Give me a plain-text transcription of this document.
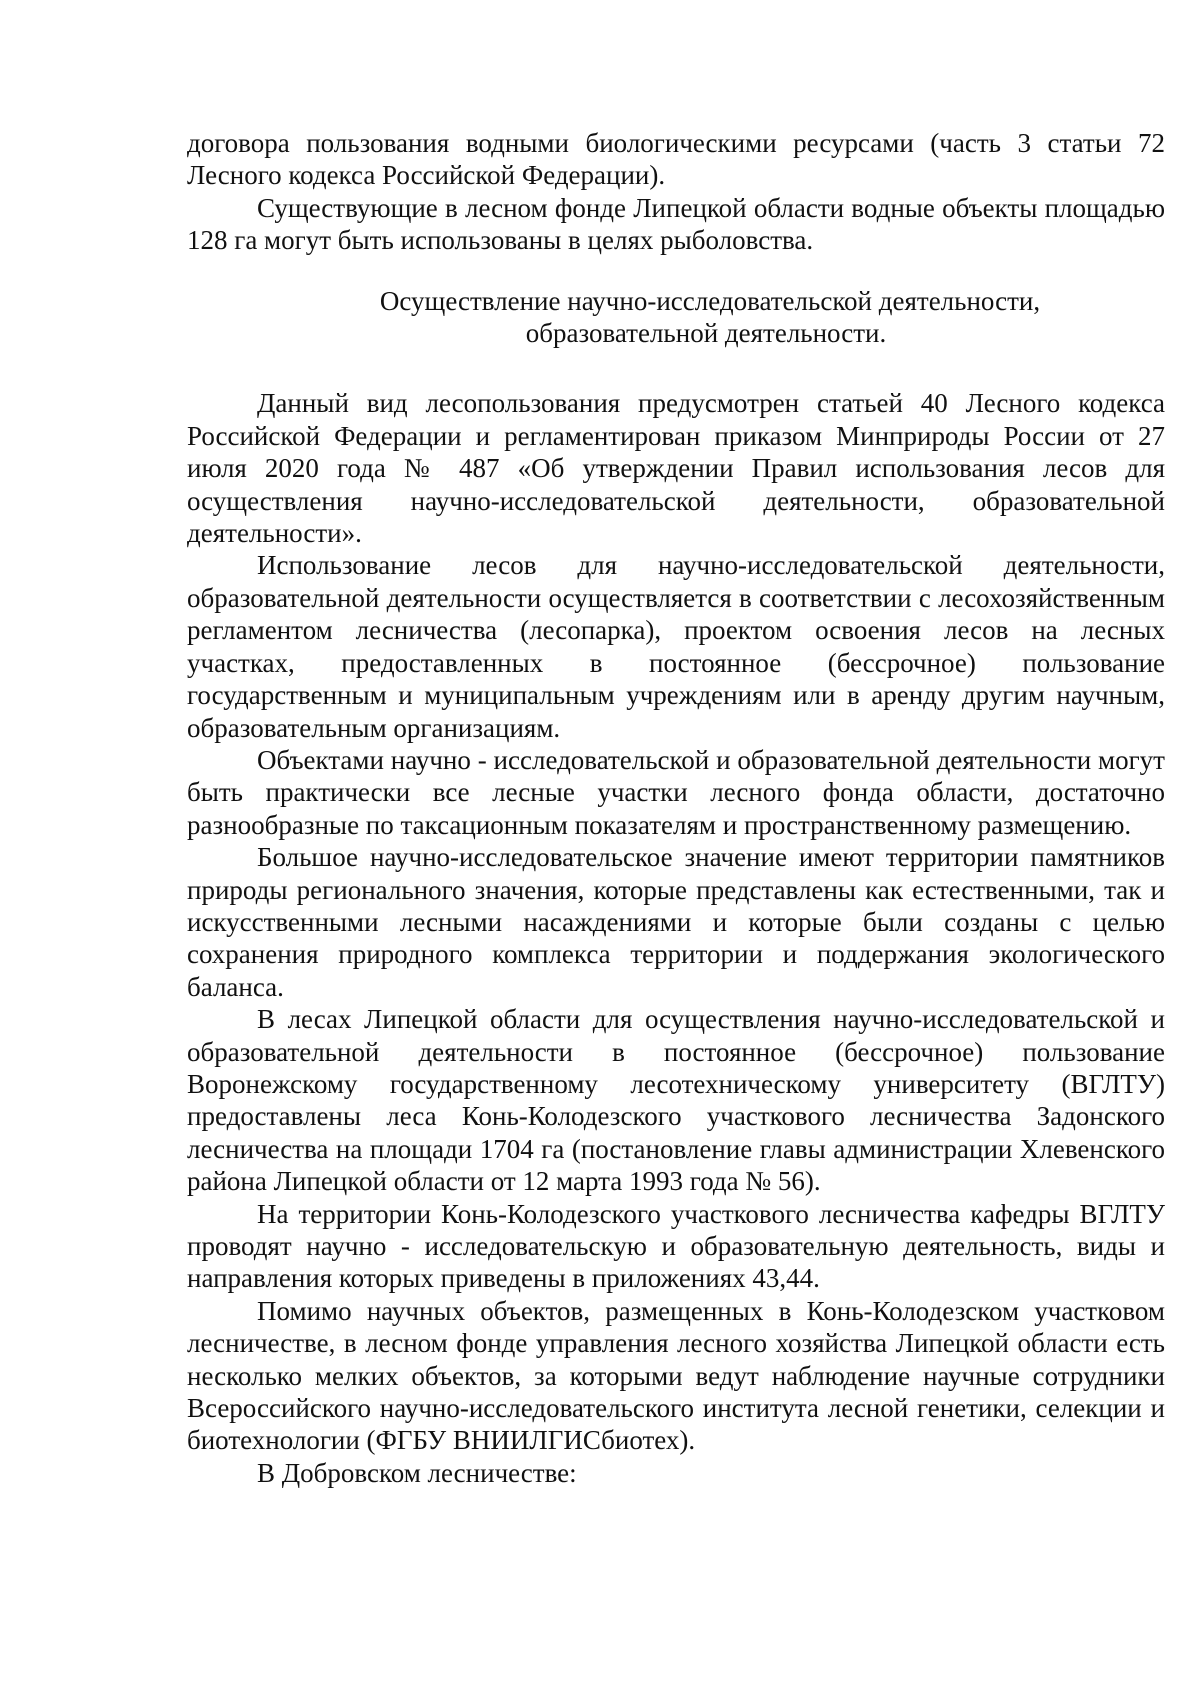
договора пользования водными биологическими ресурсами (часть 3 статьи 72 Лесного кодекса Российской Федерации).

Существующие в лесном фонде Липецкой области водные объекты площадью 128 га могут быть использованы в целях рыболовства.

Осуществление научно-исследовательской деятельности,
образовательной деятельности.

Данный вид лесопользования предусмотрен статьей 40 Лесного кодекса Российской Федерации и регламентирован приказом Минприроды России от 27 июля 2020 года № 487 «Об утверждении Правил использования лесов для осуществления научно-исследовательской деятельности, образовательной деятельности».

Использование лесов для научно-исследовательской деятельности, образовательной деятельности осуществляется в соответствии с лесохозяйственным регламентом лесничества (лесопарка), проектом освоения лесов на лесных участках, предоставленных в постоянное (бессрочное) пользование государственным и муниципальным учреждениям или в аренду другим научным, образовательным организациям.

Объектами научно - исследовательской и образовательной деятельности могут быть практически все лесные участки лесного фонда области, достаточно разнообразные по таксационным показателям и пространственному размещению.

Большое научно-исследовательское значение имеют территории памятников природы регионального значения, которые представлены как естественными, так и искусственными лесными насаждениями и которые были созданы с целью сохранения природного комплекса территории и поддержания экологического баланса.

В лесах Липецкой области для осуществления научно-исследовательской и образовательной деятельности в постоянное (бессрочное) пользование Воронежскому государственному лесотехническому университету (ВГЛТУ) предоставлены леса Конь-Колодезского участкового лесничества Задонского лесничества на площади 1704 га (постановление главы администрации Хлевенского района Липецкой области от 12 марта 1993 года № 56).

На территории Конь-Колодезского участкового лесничества кафедры ВГЛТУ проводят научно - исследовательскую и образовательную деятельность, виды и направления которых приведены в приложениях 43,44.

Помимо научных объектов, размещенных в Конь-Колодезском участковом лесничестве, в лесном фонде управления лесного хозяйства Липецкой области есть несколько мелких объектов, за которыми ведут наблюдение научные сотрудники Всероссийского научно-исследовательского института лесной генетики, селекции и биотехнологии (ФГБУ ВНИИЛГИСбиотех).

В Добровском лесничестве:
